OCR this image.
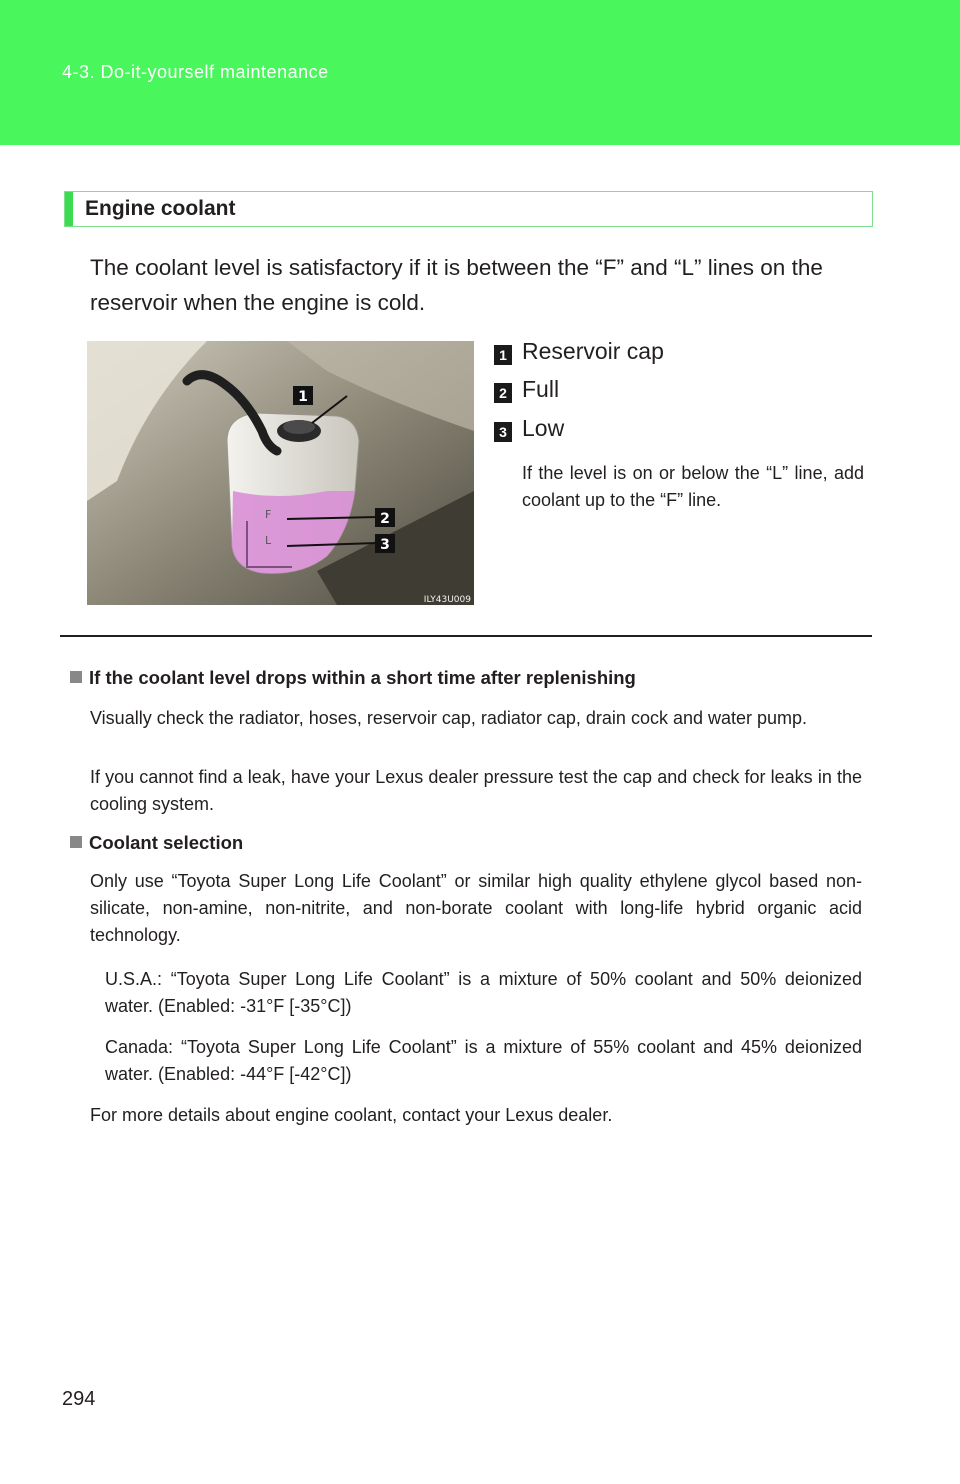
4-3. Do-it-yourself maintenance
Engine coolant
The coolant level is satisfactory if it is between the “F” and “L” lines on the reservoir when the engine is cold.
F
L
1
2
3
ILY43U009
1 Reservoir cap
2 Full
3 Low
If the level is on or below the “L” line, add coolant up to the “F” line.
If the coolant level drops within a short time after replenishing
Visually check the radiator, hoses, reservoir cap, radiator cap, drain cock and water pump.
If you cannot find a leak, have your Lexus dealer pressure test the cap and check for leaks in the cooling system.
Coolant selection
Only use “Toyota Super Long Life Coolant” or similar high quality ethylene glycol based non-silicate, non-amine, non-nitrite, and non-borate coolant with long-life hybrid organic acid technology.
U.S.A.: “Toyota Super Long Life Coolant” is a mixture of 50% coolant and 50% deionized water. (Enabled: -31°F [-35°C])
Canada: “Toyota Super Long Life Coolant” is a mixture of 55% coolant and 45% deionized water. (Enabled: -44°F [-42°C])
For more details about engine coolant, contact your Lexus dealer.
294
